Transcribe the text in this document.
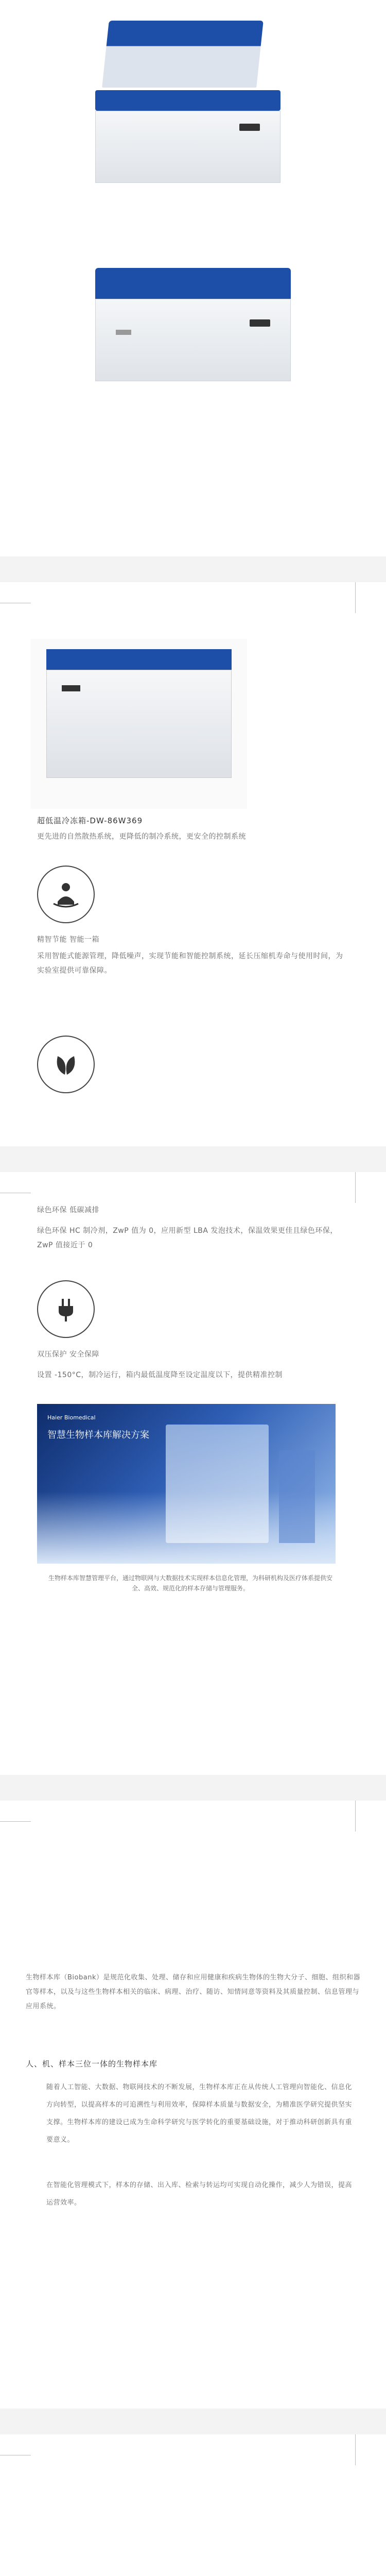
超低温冷冻箱-DW-86W369
更先进的自然散热系统，更降低的制冷系统，更安全的控制系统
精智节能 智能一箱
采用智能式能源管理，降低噪声，实现节能和智能控制系统，延长压缩机寿命与使用时间，为实验室提供可靠保障。
绿色环保 低碳减排
绿色环保 HC 制冷剂，ZwP 值为 0，应用新型 LBA 发泡技术，保温效果更佳且绿色环保，ZwP 值接近于 0
双压保护 安全保障
设置 -150°C，制冷运行，箱内最低温度降至设定温度以下，提供精准控制
Haier Biomedical
智慧生物样本库解决方案
生物样本库智慧管理平台，通过物联网与大数据技术实现样本信息化管理，为科研机构及医疗体系提供安全、高效、规范化的样本存储与管理服务。
生物样本库（Biobank）是规范化收集、处理、储存和应用健康和疾病生物体的生物大分子、细胞、组织和器官等样本，以及与这些生物样本相关的临床、病理、治疗、随访、知情同意等资料及其质量控制、信息管理与应用系统。
人、机、样本三位一体的生物样本库
随着人工智能、大数据、物联网技术的不断发展，生物样本库正在从传统人工管理向智能化、信息化方向转型，以提高样本的可追溯性与利用效率，保障样本质量与数据安全，为精准医学研究提供坚实支撑。生物样本库的建设已成为生命科学研究与医学转化的重要基础设施，对于推动科研创新具有重要意义。
在智能化管理模式下，样本的存储、出入库、检索与转运均可实现自动化操作，减少人为错误，提高运营效率。
